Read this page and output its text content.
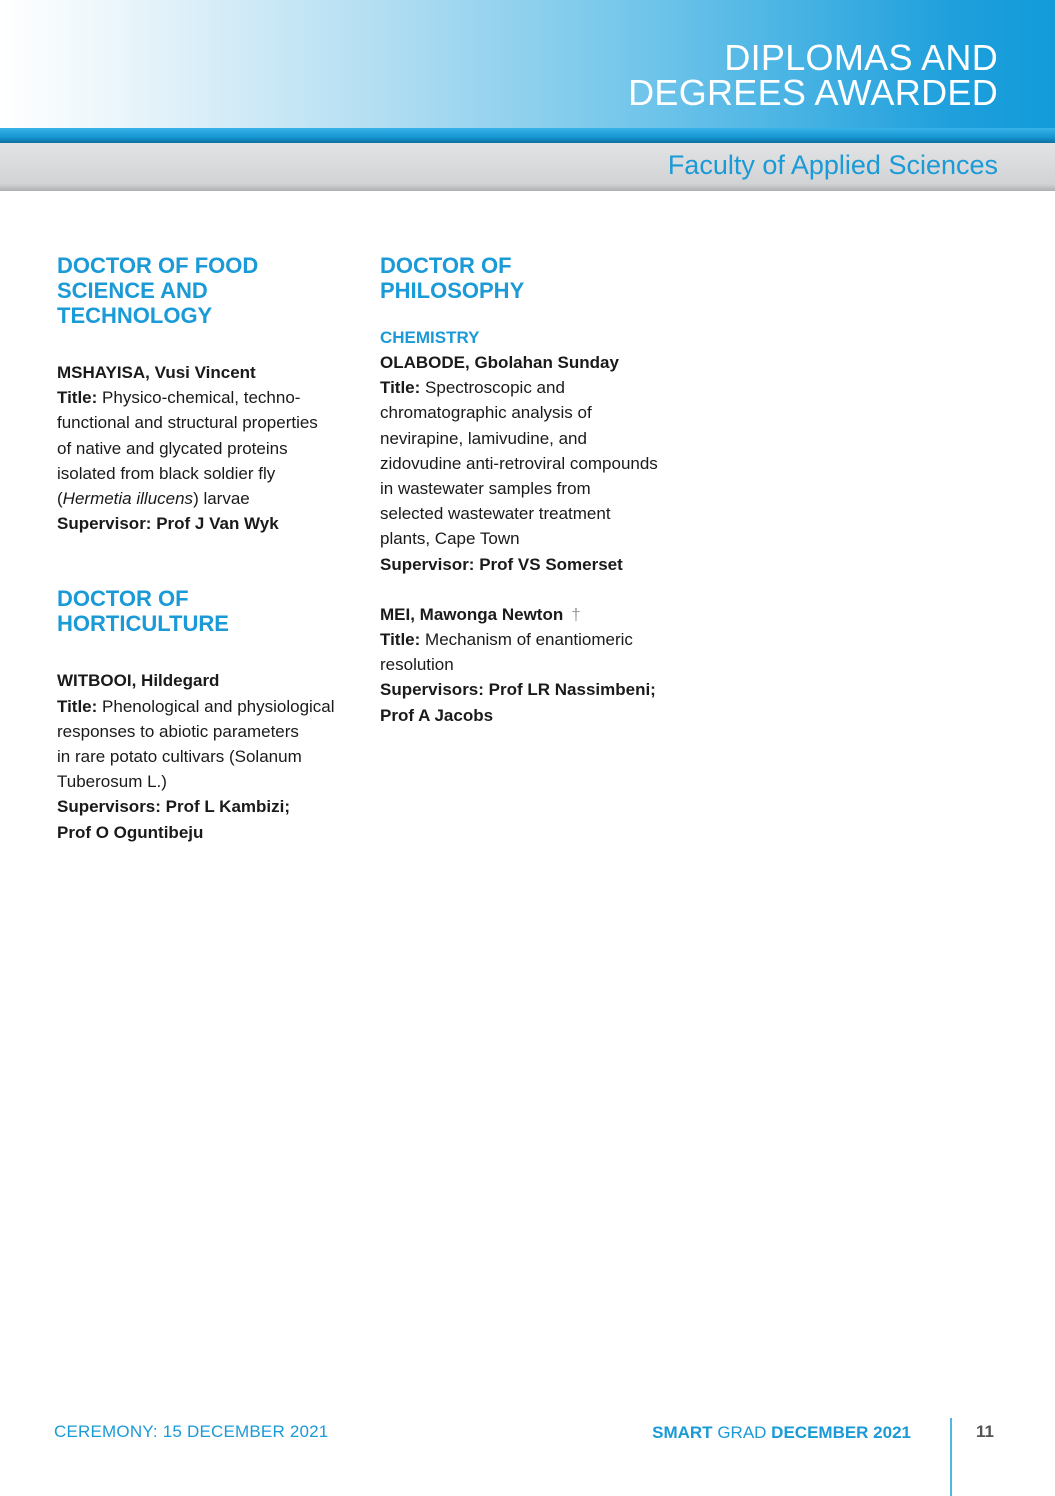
DIPLOMAS AND
DEGREES AWARDED
Faculty of Applied Sciences
DOCTOR OF FOOD
SCIENCE AND
TECHNOLOGY
MSHAYISA, Vusi Vincent
Title: Physico-chemical, techno-
functional and structural properties
of native and glycated proteins
isolated from black soldier fly
(Hermetia illucens) larvae
Supervisor: Prof J Van Wyk
DOCTOR OF
HORTICULTURE
WITBOOI, Hildegard
Title: Phenological and physiological
responses to abiotic parameters
in rare potato cultivars (Solanum
Tuberosum L.)
Supervisors: Prof L Kambizi;
Prof O Oguntibeju
DOCTOR OF
PHILOSOPHY
CHEMISTRY
OLABODE, Gbolahan Sunday
Title: Spectroscopic and
chromatographic analysis of
nevirapine, lamivudine, and
zidovudine anti-retroviral compounds
in wastewater samples from
selected wastewater treatment
plants, Cape Town
Supervisor: Prof VS Somerset
MEI, Mawonga Newton †
Title: Mechanism of enantiomeric
resolution
Supervisors: Prof LR Nassimbeni;
Prof A Jacobs
CEREMONY: 15 DECEMBER 2021	SMART GRAD DECEMBER 2021	11
